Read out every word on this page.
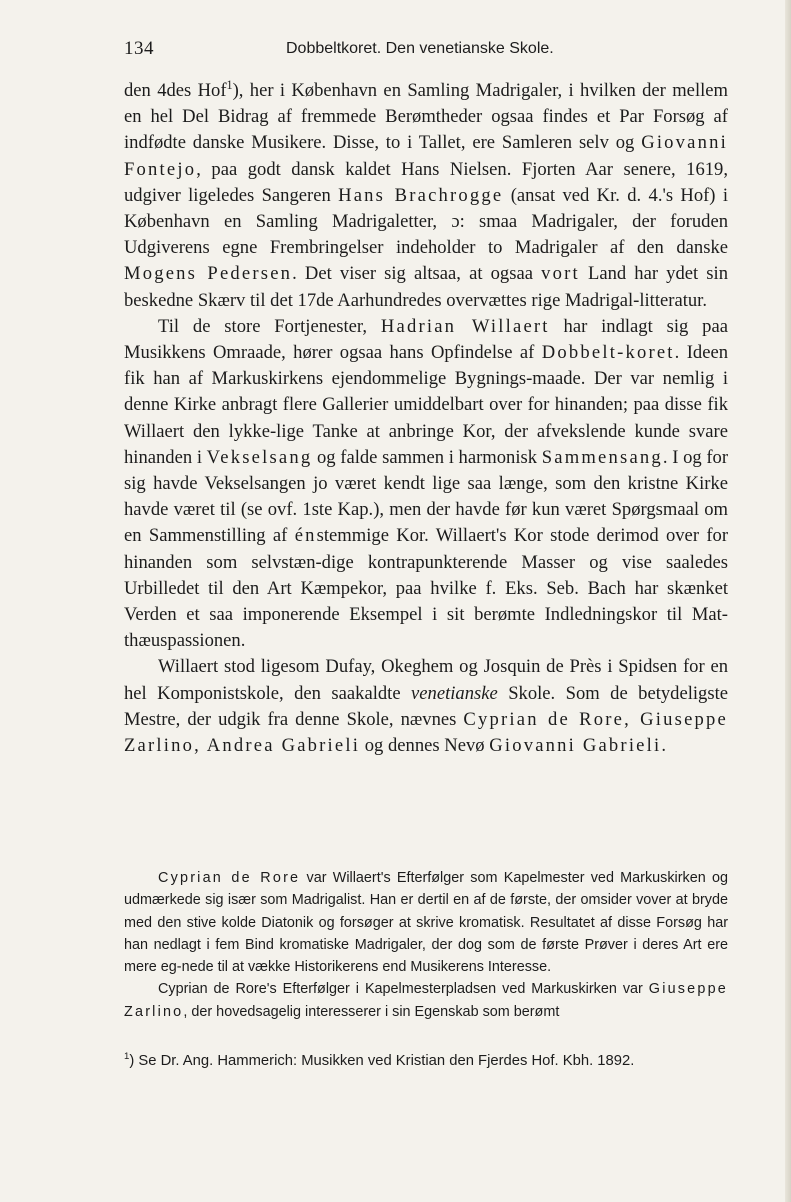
134	Dobbeltkoret. Den venetianske Skole.

den 4des Hof$^1$), her i København en Samling Madrigaler, i hvilken der mellem en hel Del Bidrag af fremmede Berømtheder ogsaa findes et Par Forsøg af indfødte danske Musikere. Disse, to i Tallet, ere Samleren selv og Giovanni Fontejo, paa godt dansk kaldet Hans Nielsen. Fjorten Aar senere, 1619, udgiver ligeledes Sangeren Hans Brachrogge (ansat ved Kr. d. 4.'s Hof) i København en Samling Madrigaletter, ɔ: smaa Madrigaler, der foruden Udgiverens egne Frembringelser indeholder to Madrigaler af den danske Mogens Pedersen. Det viser sig altsaa, at ogsaa vort Land har ydet sin beskedne Skærv til det 17de Aarhundredes overvættes rige Madrigal-litteratur.

Til de store Fortjenester, Hadrian Willaert har indlagt sig paa Musikkens Omraade, hører ogsaa hans Opfindelse af Dobbelt-koret. Ideen fik han af Markuskirkens ejendommelige Bygnings-maade. Der var nemlig i denne Kirke anbragt flere Gallerier umiddelbart over for hinanden; paa disse fik Willaert den lykke-lige Tanke at anbringe Kor, der afvekslende kunde svare hinanden i Vekselsang og falde sammen i harmonisk Sammensang. I og for sig havde Vekselsangen jo været kendt lige saa længe, som den kristne Kirke havde været til (se ovf. 1ste Kap.), men der havde før kun været Spørgsmaal om en Sammenstilling af énstemmige Kor. Willaert's Kor stode derimod over for hinanden som selvstæn-dige kontrapunkterende Masser og vise saaledes Urbilledet til den Art Kæmpekor, paa hvilke f. Eks. Seb. Bach har skænket Verden et saa imponerende Eksempel i sit berømte Indledningskor til Mat-thæuspassionen.

Willaert stod ligesom Dufay, Okeghem og Josquin de Près i Spidsen for en hel Komponistskole, den saakaldte venetianske Skole. Som de betydeligste Mestre, der udgik fra denne Skole, nævnes Cyprian de Rore, Giuseppe Zarlino, Andrea Gabrieli og dennes Nevø Giovanni Gabrieli.

Cyprian de Rore var Willaert's Efterfølger som Kapelmester ved Markuskirken og udmærkede sig især som Madrigalist. Han er dertil en af de første, der omsider vover at bryde med den stive kolde Diatonik og forsøger at skrive kromatisk. Resultatet af disse Forsøg har han nedlagt i fem Bind kromatiske Madrigaler, der dog som de første Prøver i deres Art ere mere eg-nede til at vække Historikerens end Musikerens Interesse.

Cyprian de Rore's Efterfølger i Kapelmesterpladsen ved Markuskirken var Giuseppe Zarlino, der hovedsagelig interesserer i sin Egenskab som berømt

$^1$) Se Dr. Ang. Hammerich: Musikken ved Kristian den Fjerdes Hof. Kbh. 1892.
